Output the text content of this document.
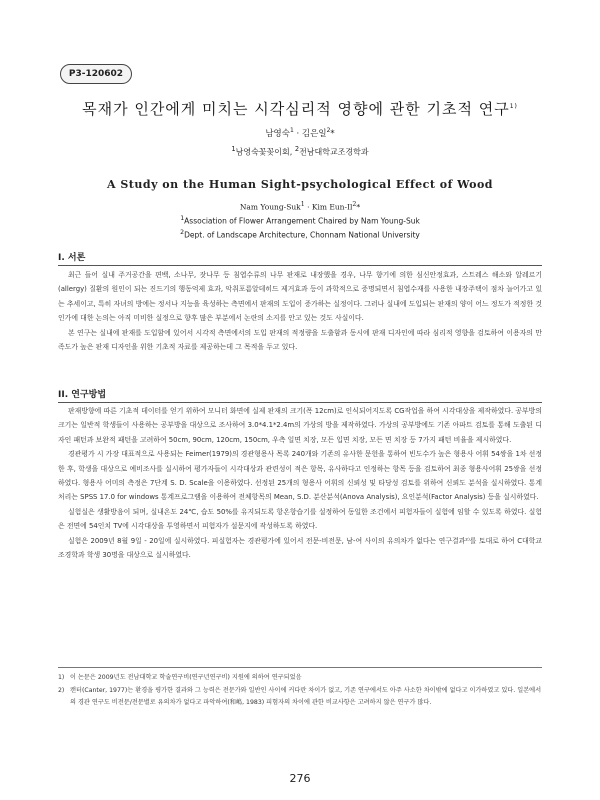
P3-120602
목재가 인간에게 미치는 시각심리적 영향에 관한 기초적 연구$^{1)}$
남영숙$^1$ · 김은일$^2$*
$^1$남영숙꽃꽂이회, $^2$전남대학교조경학과
A Study on the Human Sight-psychological Effect of Wood
Nam Young-Suk$^1$ · Kim Eun-Il$^2$*
$^1$Association of Flower Arrangement Chaired by Nam Young-Suk
$^2$Dept. of Landscape Architecture, Chonnam National University
I. 서론

최근 들어 실내 주거공간을 편백, 소나무, 잣나무 등 침엽수류의 나무 판재로 내장했을 경우, 나무 향기에 의한 심신안정효과, 스트레스 해소와 알레르기(allergy) 질환의 원인이 되는 진드기의 행동억제 효과, 악취포름알데히드 제거효과 등이 과학적으로 증명되면서 침엽수재를 사용한 내장주택이 점차 늘어가고 있는 추세이고, 특히 자녀의 방에는 정서나 지능을 육성하는 측면에서 판재의 도입이 증가하는 실정이다. 그러나 실내에 도입되는 판재의 양이 어느 정도가 적정한 것인가에 대한 논의는 아직 미비한 실정으로 향후 많은 부분에서 논란의 소지를 안고 있는 것도 사실이다.

본 연구는 실내에 판재를 도입함에 있어서 시각적 측면에서의 도입 판재의 적정량을 도출함과 동시에 판재 디자인에 따라 심리적 영향을 검토하여 이용자의 만족도가 높은 판재 디자인을 위한 기초적 자료를 제공하는데 그 목적을 두고 있다.

II. 연구방법

판재방향에 따른 기초적 데이터를 얻기 위하여 모니터 화면에 실제 판재의 크기(폭 12cm)로 인식되어지도록 CG작업을 하여 시각대상을 제작하였다. 공부방의 크기는 일반적 학생들이 사용하는 공부방을 대상으로 조사하여 3.0*4.1*2.4m의 가상의 방을 제작하였다. 가상의 공부방에도 기존 아파트 검토를 통해 도출된 디자인 패턴과 보완적 패턴을 고려하여 50cm, 90cm, 120cm, 150cm, 우측 일면 치장, 모든 입면 치장, 모든 면 치장 등 7가지 패턴 비율을 제시하였다.

경관평가 시 가장 대표적으로 사용되는 Feimer(1979)의 경관형용사 목록 240개와 기존의 유사한 문헌을 통하여 빈도수가 높은 형용사 어휘 54쌍을 1차 선정한 후, 학생을 대상으로 예비조사를 실시하여 평가자들이 시각대상과 관련성이 적은 항목, 유사하다고 인정하는 항목 등을 검토하여 최종 형용사어휘 25쌍을 선정하였다. 형용사 어미의 측정은 7단계 S. D. Scale을 이용하였다. 선정된 25개의 형용사 어휘의 신뢰성 및 타당성 검토를 위하여 신뢰도 분석을 실시하였다. 통계처리는 SPSS 17.0 for windows 통계프로그램을 이용하여 전체항목의 Mean, S.D. 분산분석(Anova Analysis), 요인분석(Factor Analysis) 등을 실시하였다.

실험실은 생활방음이 되며, 실내온도 24℃, 습도 50%를 유지되도록 항온항습기를 설정하여 동일한 조건에서 피험자들이 실험에 임할 수 있도록 하였다. 실험은 전면에 54인치 TV에 시각대상을 투영하면서 피험자가 설문지에 작성하도록 하였다.

실험은 2009년 8월 9일 - 20일에 실시하였다. 피실험자는 경관평가에 있어서 전문-비전문, 남-여 사이의 유의차가 없다는 연구결과²⁾를 토대로 하여 C대학교 조경학과 학생 30명을 대상으로 실시하였다.

1) 이 논문은 2009년도 전남대학교 학술연구비(연구년연구비) 지원에 의하여 연구되었음
2) 캔터(Canter, 1977)는 환경을 평가한 결과와 그 능력은 전문가와 일반인 사이에 커다란 차이가 없고, 기존 연구에서도 아주 사소한 차이밖에 없다고 이가하였고 있다. 일본에서의 경관 연구도 비전문/전문별로 유의차가 없다고 파악하여(和嶋, 1983) 피험자의 차이에 관한 비교사항은 고려하지 않은 연구가 많다.
276
